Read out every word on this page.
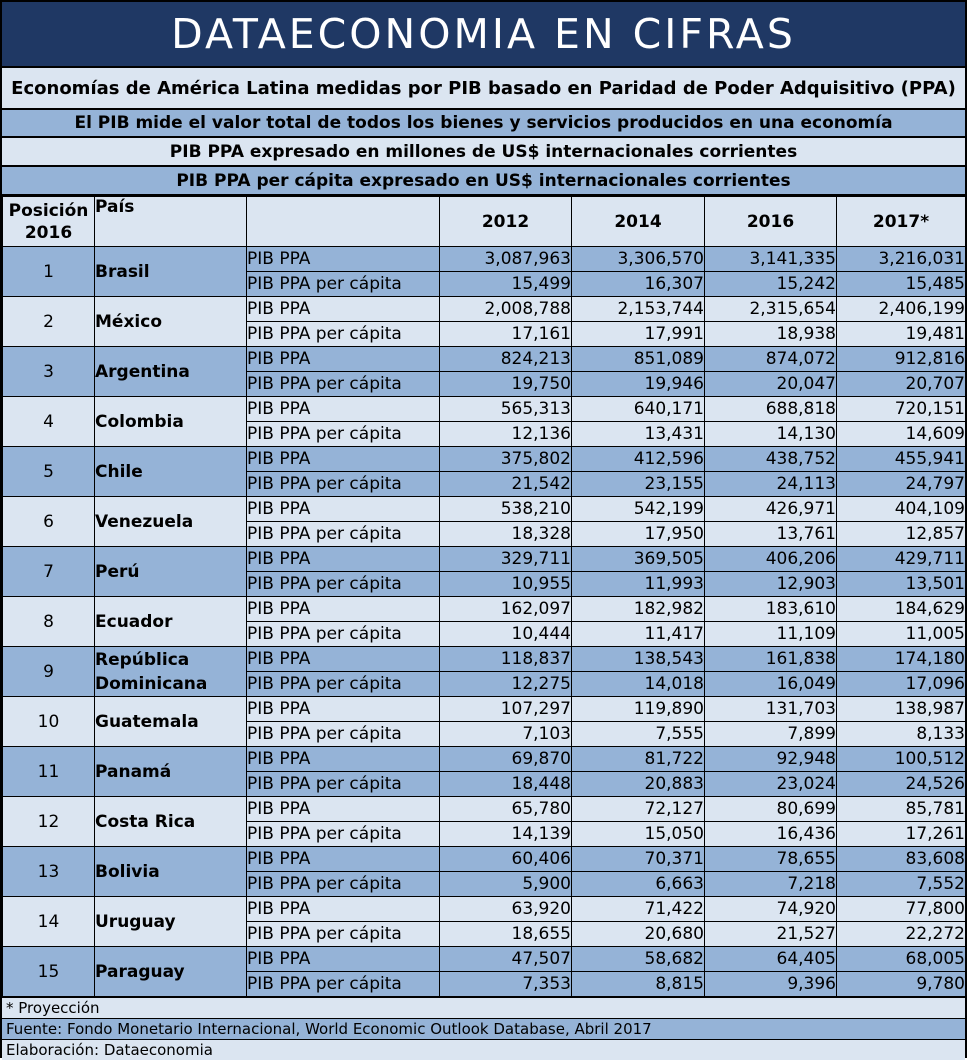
DATAECONOMIA EN CIFRAS
Economías de América Latina medidas por PIB basado en Paridad de Poder Adquisitivo (PPA)
El PIB mide el valor total de todos los bienes y servicios producidos en una economía
PIB PPA expresado en millones de US$ internacionales corrientes
PIB PPA per cápita expresado en US$ internacionales corrientes
Posición
2016	País		2012	2014	2016	2017*
1	Brasil	PIB PPA	3,087,963	3,306,570	3,141,335	3,216,031
		PIB PPA per cápita	15,499	16,307	15,242	15,485
2	México	PIB PPA	2,008,788	2,153,744	2,315,654	2,406,199
		PIB PPA per cápita	17,161	17,991	18,938	19,481
3	Argentina	PIB PPA	824,213	851,089	874,072	912,816
		PIB PPA per cápita	19,750	19,946	20,047	20,707
4	Colombia	PIB PPA	565,313	640,171	688,818	720,151
		PIB PPA per cápita	12,136	13,431	14,130	14,609
5	Chile	PIB PPA	375,802	412,596	438,752	455,941
		PIB PPA per cápita	21,542	23,155	24,113	24,797
6	Venezuela	PIB PPA	538,210	542,199	426,971	404,109
		PIB PPA per cápita	18,328	17,950	13,761	12,857
7	Perú	PIB PPA	329,711	369,505	406,206	429,711
		PIB PPA per cápita	10,955	11,993	12,903	13,501
8	Ecuador	PIB PPA	162,097	182,982	183,610	184,629
		PIB PPA per cápita	10,444	11,417	11,109	11,005
9	República Dominicana	PIB PPA	118,837	138,543	161,838	174,180
		PIB PPA per cápita	12,275	14,018	16,049	17,096
10	Guatemala	PIB PPA	107,297	119,890	131,703	138,987
		PIB PPA per cápita	7,103	7,555	7,899	8,133
11	Panamá	PIB PPA	69,870	81,722	92,948	100,512
		PIB PPA per cápita	18,448	20,883	23,024	24,526
12	Costa Rica	PIB PPA	65,780	72,127	80,699	85,781
		PIB PPA per cápita	14,139	15,050	16,436	17,261
13	Bolivia	PIB PPA	60,406	70,371	78,655	83,608
		PIB PPA per cápita	5,900	6,663	7,218	7,552
14	Uruguay	PIB PPA	63,920	71,422	74,920	77,800
		PIB PPA per cápita	18,655	20,680	21,527	22,272
15	Paraguay	PIB PPA	47,507	58,682	64,405	68,005
		PIB PPA per cápita	7,353	8,815	9,396	9,780
* Proyección
Fuente: Fondo Monetario Internacional, World Economic Outlook Database, Abril 2017
Elaboración: Dataeconomia
